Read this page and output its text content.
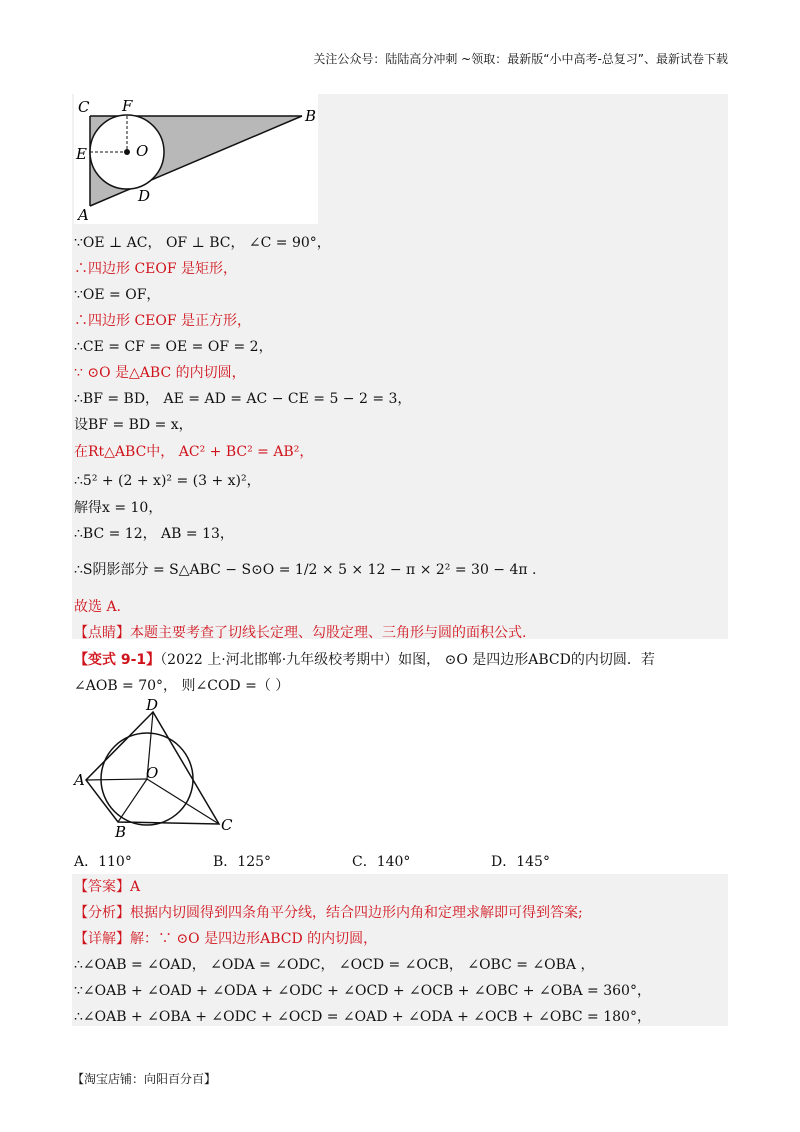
关注公众号：陆陆高分冲刺 ~领取：最新版“小中高考-总复习”、最新试卷下载
C F
B
E	O
D
A
∵OE ⊥ AC， OF ⊥ BC， ∠C = 90°，
∴四边形 CEOF 是矩形，
∵OE = OF，
∴四边形 CEOF 是正方形，
∴CE = CF = OE = OF = 2，
∵ ⊙O 是△ABC 的内切圆，
∴BF = BD， AE = AD = AC − CE = 5 − 2 = 3，
设BF = BD = x，
在Rt△ABC中， AC² + BC² = AB²，
∴5² + (2 + x)² = (3 + x)²，
解得x = 10，
∴BC = 12， AB = 13，
∴S阴影部分 = S△ABC − S⊙O = 1/2 × 5 × 12 − π × 2² = 30 − 4π .
故选 A.
【点睛】本题主要考查了切线长定理、勾股定理、三角形与圆的面积公式.
【变式 9-1】（2022 上·河北邯郸·九年级校考期中）如图， ⊙O 是四边形ABCD的内切圆．若
∠AOB = 70°， 则∠COD =（ ）
D
A	O
B	C
A．110°	B．125°	C．140°	D．145°
【答案】A
【分析】根据内切圆得到四条角平分线，结合四边形内角和定理求解即可得到答案;
【详解】解：∵ ⊙O 是四边形ABCD 的内切圆，
∴∠OAB = ∠OAD， ∠ODA = ∠ODC， ∠OCD = ∠OCB， ∠OBC = ∠OBA ，
∵∠OAB + ∠OAD + ∠ODA + ∠ODC + ∠OCD + ∠OCB + ∠OBC + ∠OBA = 360°，
∴∠OAB + ∠OBA + ∠ODC + ∠OCD = ∠OAD + ∠ODA + ∠OCB + ∠OBC = 180°，
【淘宝店铺：向阳百分百】
